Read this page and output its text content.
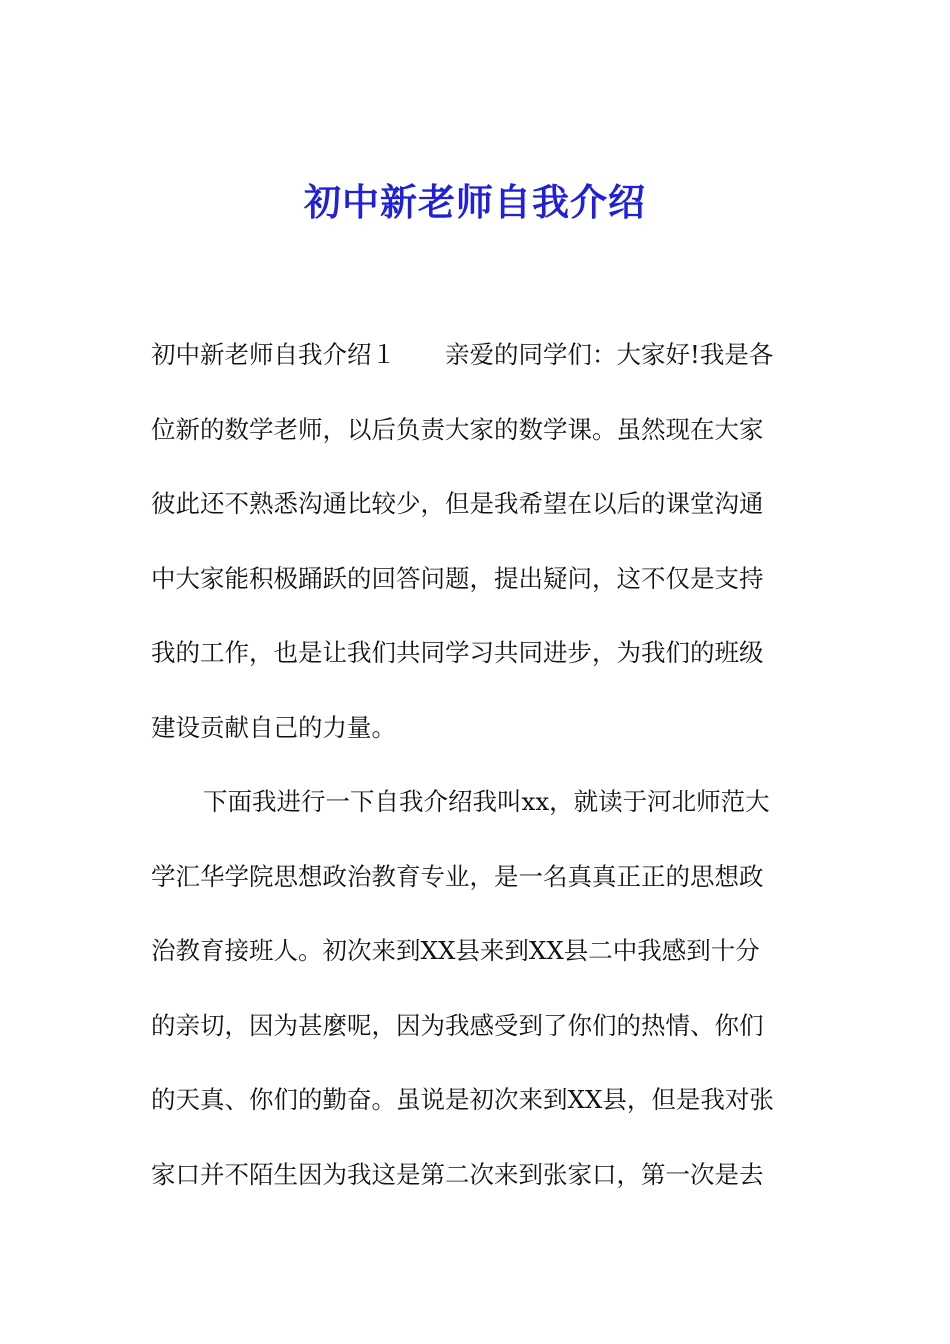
初中新老师自我介绍
初中新老师自我介绍１　　亲爱的同学们：大家好!我是各
位新的数学老师，以后负责大家的数学课。虽然现在大家
彼此还不熟悉沟通比较少，但是我希望在以后的课堂沟通
中大家能积极踊跃的回答问题，提出疑问，这不仅是支持
我的工作，也是让我们共同学习共同进步，为我们的班级
建设贡献自己的力量。
下面我进行一下自我介绍我叫xx，就读于河北师范大
学汇华学院思想政治教育专业，是一名真真正正的思想政
治教育接班人。初次来到XX县来到XX县二中我感到十分
的亲切，因为甚麼呢，因为我感受到了你们的热情、你们
的天真、你们的勤奋。虽说是初次来到XX县，但是我对张
家口并不陌生因为我这是第二次来到张家口，第一次是去
